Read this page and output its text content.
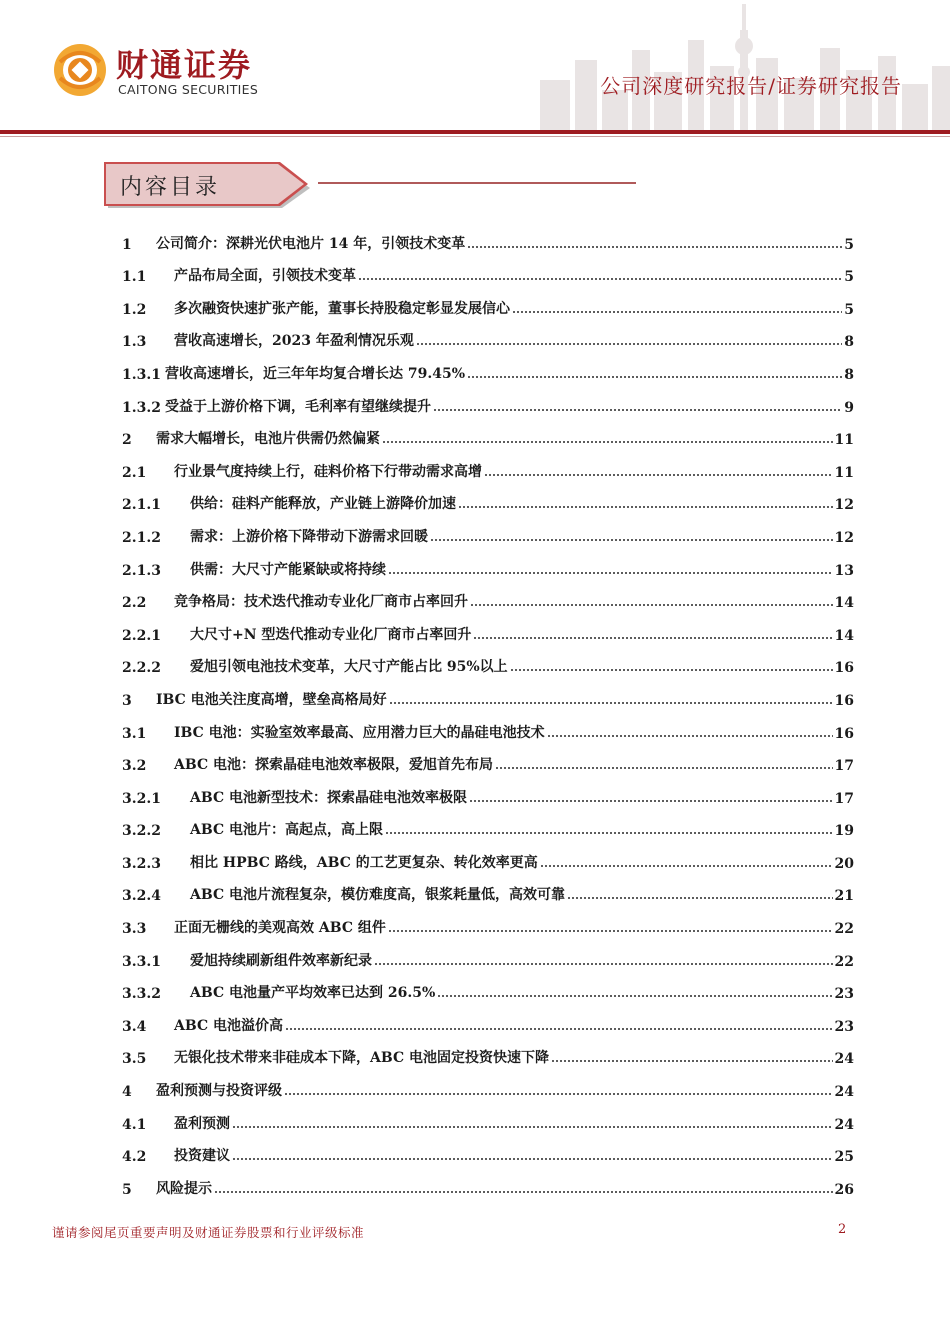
财通证券
CAITONG SECURITIES	公司深度研究报告/证券研究报告
内容目录
1	公司简介：深耕光伏电池片 14 年，引领技术变革	5
1.1	产品布局全面，引领技术变革	5
1.2	多次融资快速扩张产能，董事长持股稳定彰显发展信心	5
1.3	营收高速增长，2023 年盈利情况乐观	8
1.3.1 营收高速增长，近三年年均复合增长达 79.45%	8
1.3.2 受益于上游价格下调，毛利率有望继续提升	9
2	需求大幅增长，电池片供需仍然偏紧	11
2.1	行业景气度持续上行，硅料价格下行带动需求高增	11
2.1.1	供给：硅料产能释放，产业链上游降价加速	12
2.1.2	需求：上游价格下降带动下游需求回暖	12
2.1.3	供需：大尺寸产能紧缺或将持续	13
2.2	竞争格局：技术迭代推动专业化厂商市占率回升	14
2.2.1	大尺寸+N 型迭代推动专业化厂商市占率回升	14
2.2.2	爱旭引领电池技术变革，大尺寸产能占比 95%以上	16
3	IBC 电池关注度高增，壁垒高格局好	16
3.1	IBC 电池：实验室效率最高、应用潜力巨大的晶硅电池技术	16
3.2	ABC 电池：探索晶硅电池效率极限，爱旭首先布局	17
3.2.1	ABC 电池新型技术：探索晶硅电池效率极限	17
3.2.2	ABC 电池片：高起点，高上限	19
3.2.3	相比 HPBC 路线，ABC 的工艺更复杂、转化效率更高	20
3.2.4	ABC 电池片流程复杂，模仿难度高，银浆耗量低，高效可靠	21
3.3	正面无栅线的美观高效 ABC 组件	22
3.3.1	爱旭持续刷新组件效率新纪录	22
3.3.2	ABC 电池量产平均效率已达到 26.5%	23
3.4	ABC 电池溢价高	23
3.5	无银化技术带来非硅成本下降，ABC 电池固定投资快速下降	24
4	盈利预测与投资评级	24
4.1	盈利预测	24
4.2	投资建议	25
5	风险提示	26
谨请参阅尾页重要声明及财通证券股票和行业评级标准	2
